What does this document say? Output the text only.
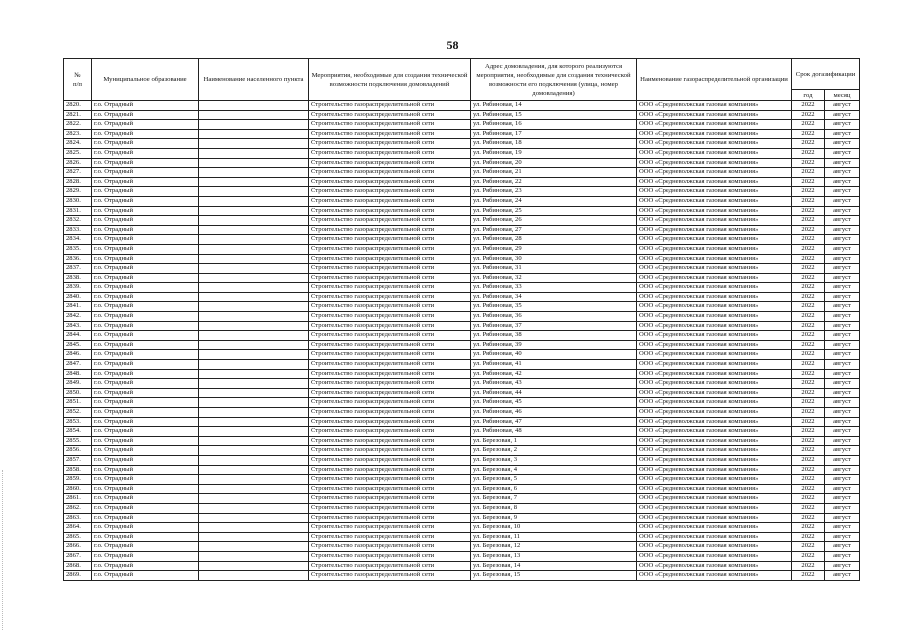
58
№
п/п	Муниципальное образование	Наименование населенного пункта	Мероприятия, необходимые для создания технической возможности подключения домовладений	Адрес домовладения, для которого реализуются мероприятия, необходимые для создания технической возможности его подключения (улица, номер домовладения)	Наименование газораспределительной организации	Срок догазификации	
						год	месяц
2820.	г.о. Отрадный		Строительство газораспределительной сети	ул. Рябиновая, 14	ООО «Средневолжская газовая компания»	2022	август
2821.	г.о. Отрадный		Строительство газораспределительной сети	ул. Рябиновая, 15	ООО «Средневолжская газовая компания»	2022	август
2822.	г.о. Отрадный		Строительство газораспределительной сети	ул. Рябиновая, 16	ООО «Средневолжская газовая компания»	2022	август
2823.	г.о. Отрадный		Строительство газораспределительной сети	ул. Рябиновая, 17	ООО «Средневолжская газовая компания»	2022	август
2824.	г.о. Отрадный		Строительство газораспределительной сети	ул. Рябиновая, 18	ООО «Средневолжская газовая компания»	2022	август
2825.	г.о. Отрадный		Строительство газораспределительной сети	ул. Рябиновая, 19	ООО «Средневолжская газовая компания»	2022	август
2826.	г.о. Отрадный		Строительство газораспределительной сети	ул. Рябиновая, 20	ООО «Средневолжская газовая компания»	2022	август
2827.	г.о. Отрадный		Строительство газораспределительной сети	ул. Рябиновая, 21	ООО «Средневолжская газовая компания»	2022	август
2828.	г.о. Отрадный		Строительство газораспределительной сети	ул. Рябиновая, 22	ООО «Средневолжская газовая компания»	2022	август
2829.	г.о. Отрадный		Строительство газораспределительной сети	ул. Рябиновая, 23	ООО «Средневолжская газовая компания»	2022	август
2830.	г.о. Отрадный		Строительство газораспределительной сети	ул. Рябиновая, 24	ООО «Средневолжская газовая компания»	2022	август
2831.	г.о. Отрадный		Строительство газораспределительной сети	ул. Рябиновая, 25	ООО «Средневолжская газовая компания»	2022	август
2832.	г.о. Отрадный		Строительство газораспределительной сети	ул. Рябиновая, 26	ООО «Средневолжская газовая компания»	2022	август
2833.	г.о. Отрадный		Строительство газораспределительной сети	ул. Рябиновая, 27	ООО «Средневолжская газовая компания»	2022	август
2834.	г.о. Отрадный		Строительство газораспределительной сети	ул. Рябиновая, 28	ООО «Средневолжская газовая компания»	2022	август
2835.	г.о. Отрадный		Строительство газораспределительной сети	ул. Рябиновая, 29	ООО «Средневолжская газовая компания»	2022	август
2836.	г.о. Отрадный		Строительство газораспределительной сети	ул. Рябиновая, 30	ООО «Средневолжская газовая компания»	2022	август
2837.	г.о. Отрадный		Строительство газораспределительной сети	ул. Рябиновая, 31	ООО «Средневолжская газовая компания»	2022	август
2838.	г.о. Отрадный		Строительство газораспределительной сети	ул. Рябиновая, 32	ООО «Средневолжская газовая компания»	2022	август
2839.	г.о. Отрадный		Строительство газораспределительной сети	ул. Рябиновая, 33	ООО «Средневолжская газовая компания»	2022	август
2840.	г.о. Отрадный		Строительство газораспределительной сети	ул. Рябиновая, 34	ООО «Средневолжская газовая компания»	2022	август
2841.	г.о. Отрадный		Строительство газораспределительной сети	ул. Рябиновая, 35	ООО «Средневолжская газовая компания»	2022	август
2842.	г.о. Отрадный		Строительство газораспределительной сети	ул. Рябиновая, 36	ООО «Средневолжская газовая компания»	2022	август
2843.	г.о. Отрадный		Строительство газораспределительной сети	ул. Рябиновая, 37	ООО «Средневолжская газовая компания»	2022	август
2844.	г.о. Отрадный		Строительство газораспределительной сети	ул. Рябиновая, 38	ООО «Средневолжская газовая компания»	2022	август
2845.	г.о. Отрадный		Строительство газораспределительной сети	ул. Рябиновая, 39	ООО «Средневолжская газовая компания»	2022	август
2846.	г.о. Отрадный		Строительство газораспределительной сети	ул. Рябиновая, 40	ООО «Средневолжская газовая компания»	2022	август
2847.	г.о. Отрадный		Строительство газораспределительной сети	ул. Рябиновая, 41	ООО «Средневолжская газовая компания»	2022	август
2848.	г.о. Отрадный		Строительство газораспределительной сети	ул. Рябиновая, 42	ООО «Средневолжская газовая компания»	2022	август
2849.	г.о. Отрадный		Строительство газораспределительной сети	ул. Рябиновая, 43	ООО «Средневолжская газовая компания»	2022	август
2850.	г.о. Отрадный		Строительство газораспределительной сети	ул. Рябиновая, 44	ООО «Средневолжская газовая компания»	2022	август
2851.	г.о. Отрадный		Строительство газораспределительной сети	ул. Рябиновая, 45	ООО «Средневолжская газовая компания»	2022	август
2852.	г.о. Отрадный		Строительство газораспределительной сети	ул. Рябиновая, 46	ООО «Средневолжская газовая компания»	2022	август
2853.	г.о. Отрадный		Строительство газораспределительной сети	ул. Рябиновая, 47	ООО «Средневолжская газовая компания»	2022	август
2854.	г.о. Отрадный		Строительство газораспределительной сети	ул. Рябиновая, 48	ООО «Средневолжская газовая компания»	2022	август
2855.	г.о. Отрадный		Строительство газораспределительной сети	ул. Березовая, 1	ООО «Средневолжская газовая компания»	2022	август
2856.	г.о. Отрадный		Строительство газораспределительной сети	ул. Березовая, 2	ООО «Средневолжская газовая компания»	2022	август
2857.	г.о. Отрадный		Строительство газораспределительной сети	ул. Березовая, 3	ООО «Средневолжская газовая компания»	2022	август
2858.	г.о. Отрадный		Строительство газораспределительной сети	ул. Березовая, 4	ООО «Средневолжская газовая компания»	2022	август
2859.	г.о. Отрадный		Строительство газораспределительной сети	ул. Березовая, 5	ООО «Средневолжская газовая компания»	2022	август
2860.	г.о. Отрадный		Строительство газораспределительной сети	ул. Березовая, 6	ООО «Средневолжская газовая компания»	2022	август
2861.	г.о. Отрадный		Строительство газораспределительной сети	ул. Березовая, 7	ООО «Средневолжская газовая компания»	2022	август
2862.	г.о. Отрадный		Строительство газораспределительной сети	ул. Березовая, 8	ООО «Средневолжская газовая компания»	2022	август
2863.	г.о. Отрадный		Строительство газораспределительной сети	ул. Березовая, 9	ООО «Средневолжская газовая компания»	2022	август
2864.	г.о. Отрадный		Строительство газораспределительной сети	ул. Березовая, 10	ООО «Средневолжская газовая компания»	2022	август
2865.	г.о. Отрадный		Строительство газораспределительной сети	ул. Березовая, 11	ООО «Средневолжская газовая компания»	2022	август
2866.	г.о. Отрадный		Строительство газораспределительной сети	ул. Березовая, 12	ООО «Средневолжская газовая компания»	2022	август
2867.	г.о. Отрадный		Строительство газораспределительной сети	ул. Березовая, 13	ООО «Средневолжская газовая компания»	2022	август
2868.	г.о. Отрадный		Строительство газораспределительной сети	ул. Березовая, 14	ООО «Средневолжская газовая компания»	2022	август
2869.	г.о. Отрадный		Строительство газораспределительной сети	ул. Березовая, 15	ООО «Средневолжская газовая компания»	2022	август
